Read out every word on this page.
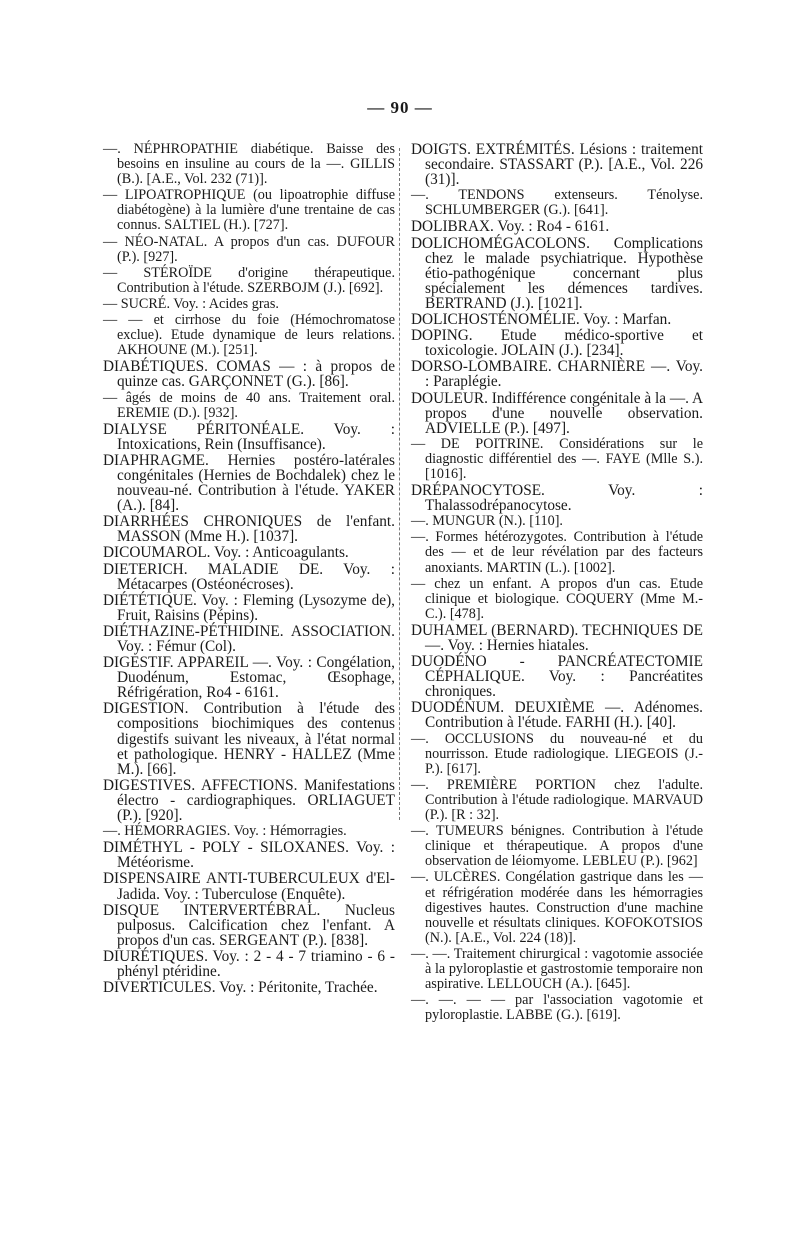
— 90 —

—. NÉPHROPATHIE diabétique. Baisse des besoins en insuline au cours de la —. GILLIS (B.). [A.E., Vol. 232 (71)].

— LIPOATROPHIQUE (ou lipoatrophie diffuse diabétogène) à la lumière d'une trentaine de cas connus. SALTIEL (H.). [727].

— NÉO-NATAL. A propos d'un cas. DUFOUR (P.). [927].

— STÉROÏDE d'origine thérapeutique. Contribution à l'étude. SZERBOJM (J.). [692].

— SUCRÉ. Voy. : Acides gras.

— — et cirrhose du foie (Hémochromatose exclue). Etude dynamique de leurs relations. AKHOUNE (M.). [251].

DIABÉTIQUES. COMAS — : à propos de quinze cas. GARÇONNET (G.). [86].

— âgés de moins de 40 ans. Traitement oral. EREMIE (D.). [932].

DIALYSE PÉRITONÉALE. Voy. : Intoxications, Rein (Insuffisance).

DIAPHRAGME. Hernies postéro-latérales congénitales (Hernies de Bochdalek) chez le nouveau-né. Contribution à l'étude. YAKER (A.). [84].

DIARRHÉES CHRONIQUES de l'enfant. MASSON (Mme H.). [1037].

DICOUMAROL. Voy. : Anticoagulants.

DIETERICH. MALADIE DE. Voy. : Métacarpes (Ostéonécroses).

DIÉTÉTIQUE. Voy. : Fleming (Lysozyme de), Fruit, Raisins (Pépins).

DIÉTHAZINE-PÉTHIDINE. ASSOCIATION. Voy. : Fémur (Col).

DIGESTIF. APPAREIL —. Voy. : Congélation, Duodénum, Estomac, Œsophage, Réfrigération, Ro4 - 6161.

DIGESTION. Contribution à l'étude des compositions biochimiques des contenus digestifs suivant les niveaux, à l'état normal et pathologique. HENRY - HALLEZ (Mme M.). [66].

DIGESTIVES. AFFECTIONS. Manifestations électro - cardiographiques. ORLIAGUET (P.). [920].

—. HÉMORRAGIES. Voy. : Hémorragies.

DIMÉTHYL - POLY - SILOXANES. Voy. : Météorisme.

DISPENSAIRE ANTI-TUBERCULEUX d'El-Jadida. Voy. : Tuberculose (Enquête).

DISQUE INTERVERTÉBRAL. Nucleus pulposus. Calcification chez l'enfant. A propos d'un cas. SERGEANT (P.). [838].

DIURÉTIQUES. Voy. : 2 - 4 - 7 triamino - 6 - phényl ptéridine.

DIVERTICULES. Voy. : Péritonite, Trachée.

DOIGTS. EXTRÉMITÉS. Lésions : traitement secondaire. STASSART (P.). [A.E., Vol. 226 (31)].

—. TENDONS extenseurs. Ténolyse. SCHLUMBERGER (G.). [641].

DOLIBRAX. Voy. : Ro4 - 6161.

DOLICHOMÉGACOLONS. Complications chez le malade psychiatrique. Hypothèse étio-pathogénique concernant plus spécialement les démences tardives. BERTRAND (J.). [1021].

DOLICHOSTÉNOMÉLIE. Voy. : Marfan.

DOPING. Etude médico-sportive et toxicologie. JOLAIN (J.). [234].

DORSO-LOMBAIRE. CHARNIÈRE —. Voy. : Paraplégie.

DOULEUR. Indifférence congénitale à la —. A propos d'une nouvelle observation. ADVIELLE (P.). [497].

— DE POITRINE. Considérations sur le diagnostic différentiel des —. FAYE (Mlle S.). [1016].

DRÉPANOCYTOSE. Voy. : Thalassodrépanocytose.

—. MUNGUR (N.). [110].

—. Formes hétérozygotes. Contribution à l'étude des — et de leur révélation par des facteurs anoxiants. MARTIN (L.). [1002].

— chez un enfant. A propos d'un cas. Etude clinique et biologique. COQUERY (Mme M.-C.). [478].

DUHAMEL (BERNARD). TECHNIQUES DE —. Voy. : Hernies hiatales.

DUODÉNO - PANCRÉATECTOMIE CÉPHALIQUE. Voy. : Pancréatites chroniques.

DUODÉNUM. DEUXIÈME —. Adénomes. Contribution à l'étude. FARHI (H.). [40].

—. OCCLUSIONS du nouveau-né et du nourrisson. Etude radiologique. LIEGEOIS (J.-P.). [617].

—. PREMIÈRE PORTION chez l'adulte. Contribution à l'étude radiologique. MARVAUD (P.). [R : 32].

—. TUMEURS bénignes. Contribution à l'étude clinique et thérapeutique. A propos d'une observation de léiomyome. LEBLEU (P.). [962]

—. ULCÈRES. Congélation gastrique dans les — et réfrigération modérée dans les hémorragies digestives hautes. Construction d'une machine nouvelle et résultats cliniques. KOFOKOTSIOS (N.). [A.E., Vol. 224 (18)].

—. —. Traitement chirurgical : vagotomie associée à la pyloroplastie et gastrostomie temporaire non aspirative. LELLOUCH (A.). [645].

—. —. — — par l'association vagotomie et pyloroplastie. LABBE (G.). [619].
